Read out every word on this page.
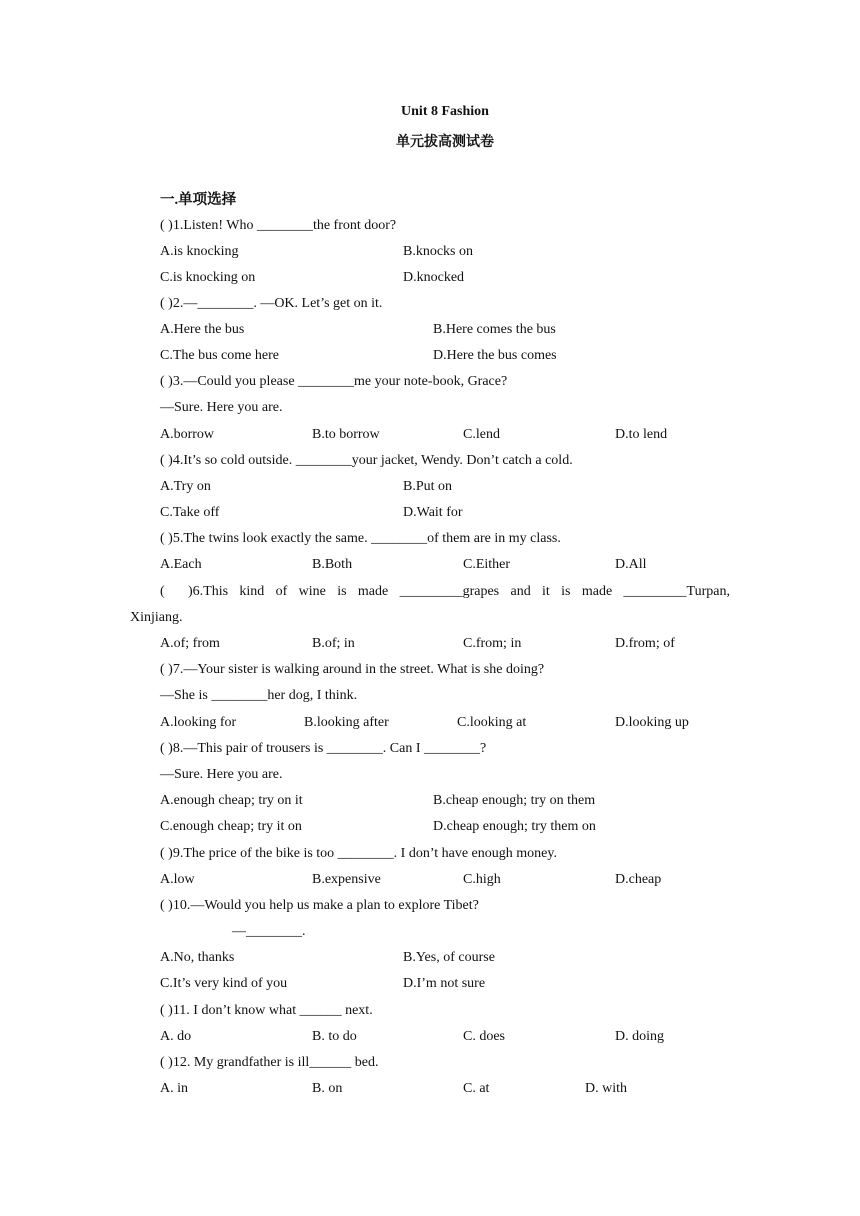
Unit 8 Fashion
单元拔高测试卷
一.单项选择
( )1.Listen! Who ________the front door?
A.is knocking	B.knocks on
C.is knocking on	D.knocked
( )2.—________. —OK. Let’s get on it.
A.Here the bus	B.Here comes the bus
C.The bus come here	D.Here the bus comes
( )3.—Could you please ________me your note-book, Grace?
—Sure. Here you are.
A.borrow	B.to borrow	C.lend	D.to lend
( )4.It’s so cold outside. ________your jacket, Wendy. Don’t catch a cold.
A.Try on	B.Put on
C.Take off	D.Wait for
( )5.The twins look exactly the same. ________of them are in my class.
A.Each	B.Both	C.Either	D.All
( )6.This kind of wine is made _________grapes and it is made _________Turpan,
Xinjiang.
A.of; from	B.of; in	C.from; in	D.from; of
( )7.—Your sister is walking around in the street. What is she doing?
—She is ________her dog, I think.
A.looking for	B.looking after	C.looking at	D.looking up
( )8.—This pair of trousers is ________. Can I ________?
—Sure. Here you are.
A.enough cheap; try on it	B.cheap enough; try on them
C.enough cheap; try it on	D.cheap enough; try them on
( )9.The price of the bike is too ________. I don’t have enough money.
A.low	B.expensive	C.high	D.cheap
( )10.—Would you help us make a plan to explore Tibet?
—________.
A.No, thanks	B.Yes, of course
C.It’s very kind of you	D.I’m not sure
( )11. I don’t know what ______ next.
A. do	B. to do	C. does	D. doing
( )12. My grandfather is ill______ bed.
A. in	B. on	C. at	D. with
